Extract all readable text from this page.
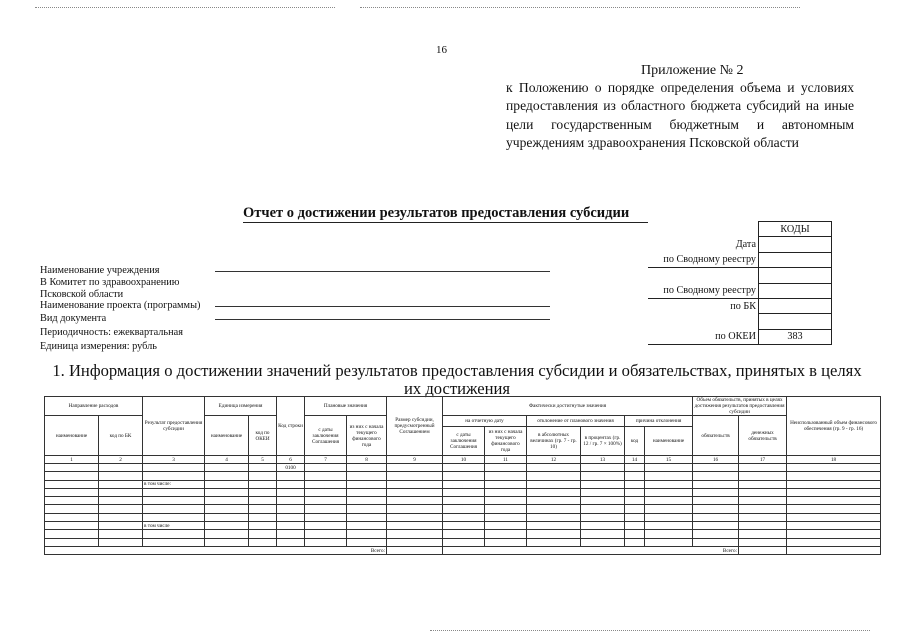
16
Приложение № 2
к Положению о порядке определения объема и условиях предоставления из областного бюджета субсидий на иные цели государственным бюджетным и автономным учреждениям здравоохранения Псковской области
Отчет о достижении результатов предоставления субсидии
Наименование учреждения
В Комитет по здравоохранению
Псковской области
Наименование проекта (программы)
Вид документа
Периодичность: ежеквартальная
Единица измерения: рубль
	КОДЫ
Дата	
по Сводному реестру	

по Сводному реестру	
по БК	

по ОКЕИ	383
1. Информация о достижении значений результатов предоставления субсидии и обязательствах, принятых в целях их достижения
Направление расходов		Результат предоставления субсидии	Единица измерения		Код строки	Плановые значения		Размер субсидии, предусмотренный Соглашением	Фактически достигнутые значения						Объем обязательств, принятых в целях достижения результатов предоставления субсидии		Неиспользованный объем финансового обеспечения (гр. 9 - гр. 16)
наименование	код по БК		наименование	код по ОКЕИ		с даты заключения Соглашения	из них с начала текущего финансового года		на отчетную дату		отклонение от планового значения		причина отклонения		обязательств	денежных обязательств	
									с даты заключения Соглашения	из них с начала текущего финансового года	в абсолютных величинах (гр. 7 - гр. 10)	в процентах (гр. 12 / гр. 7 × 100%)	код	наименование			
1	2	3	4	5	6	7	8	9	10	11	12	13	14	15	16	17	18
					0100												

		в том числе:															

		в том числе															

Всего:									Всего:								
